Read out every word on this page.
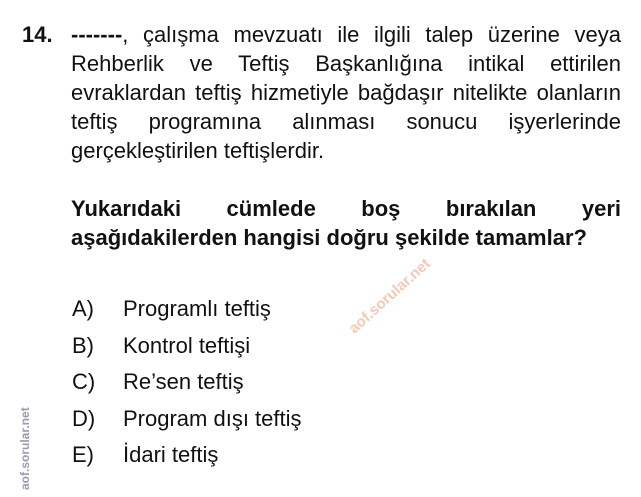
14. -------, çalışma mevzuatı ile ilgili talep üzerine veya Rehberlik ve Teftiş Başkanlığına intikal ettirilen evraklardan teftiş hizmetiyle bağdaşır nitelikte olanların teftiş programına alınması sonucu işyerlerinde gerçekleştirilen teftişlerdir.
Yukarıdaki cümlede boş bırakılan yeri aşağıdakilerden hangisi doğru şekilde tamamlar?
A)	Programlı teftiş
B)	Kontrol teftişi
C)	Re’sen teftiş
D)	Program dışı teftiş
E)	İdari teftiş
aof.sorular.net
aof.sorular.net
